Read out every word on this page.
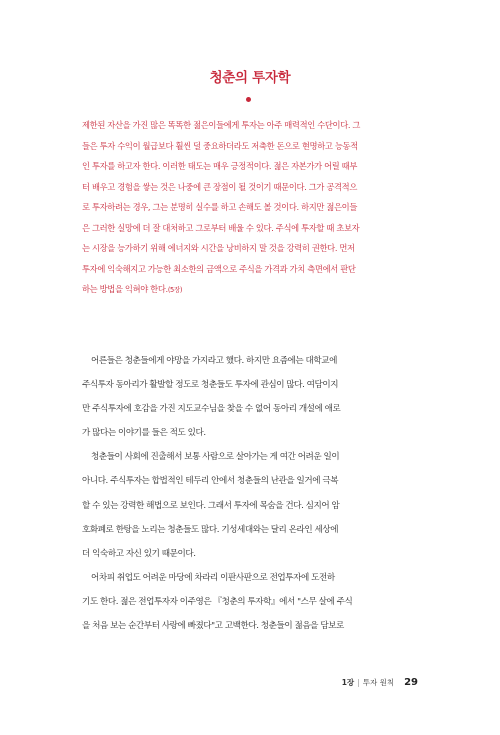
청춘의 투자학
제한된 자산을 가진 많은 똑똑한 젊은이들에게 투자는 아주 매력적인 수단이다. 그
들은 투자 수익이 월급보다 훨씬 덜 중요하더라도 저축한 돈으로 현명하고 능동적
인 투자를 하고자 한다. 이러한 태도는 매우 긍정적이다. 젊은 자본가가 어릴 때부
터 배우고 경험을 쌓는 것은 나중에 큰 장점이 될 것이기 때문이다. 그가 공격적으
로 투자하려는 경우, 그는 분명히 실수를 하고 손해도 볼 것이다. 하지만 젊은이들
은 그러한 실망에 더 잘 대처하고 그로부터 배울 수 있다. 주식에 투자할 때 초보자
는 시장을 능가하기 위해 에너지와 시간을 낭비하지 말 것을 강력히 권한다. 먼저
투자에 익숙해지고 가능한 최소한의 금액으로 주식을 가격과 가치 측면에서 판단
하는 방법을 익혀야 한다.(5장)
어른들은 청춘들에게 야망을 가지라고 했다. 하지만 요즘에는 대학교에
주식투자 동아리가 활발할 정도로 청춘들도 투자에 관심이 많다. 여담이지
만 주식투자에 호감을 가진 지도교수님을 찾을 수 없어 동아리 개설에 애로
가 많다는 이야기를 들은 적도 있다.
청춘들이 사회에 진출해서 보통 사람으로 살아가는 게 여간 어려운 일이
아니다. 주식투자는 합법적인 테두리 안에서 청춘들의 난관을 일거에 극복
할 수 있는 강력한 해법으로 보인다. 그래서 투자에 목숨을 건다. 심지어 암
호화폐로 한탕을 노리는 청춘들도 많다. 기성세대와는 달리 온라인 세상에
더 익숙하고 자신 있기 때문이다.
어차피 취업도 어려운 마당에 차라리 이판사판으로 전업투자에 도전하
기도 한다. 젊은 전업투자자 이주영은 『청춘의 투자학』에서 "스무 살에 주식
을 처음 보는 순간부터 사랑에 빠졌다"고 고백한다. 청춘들이 젊음을 담보로
1장 | 투자 원칙 29
